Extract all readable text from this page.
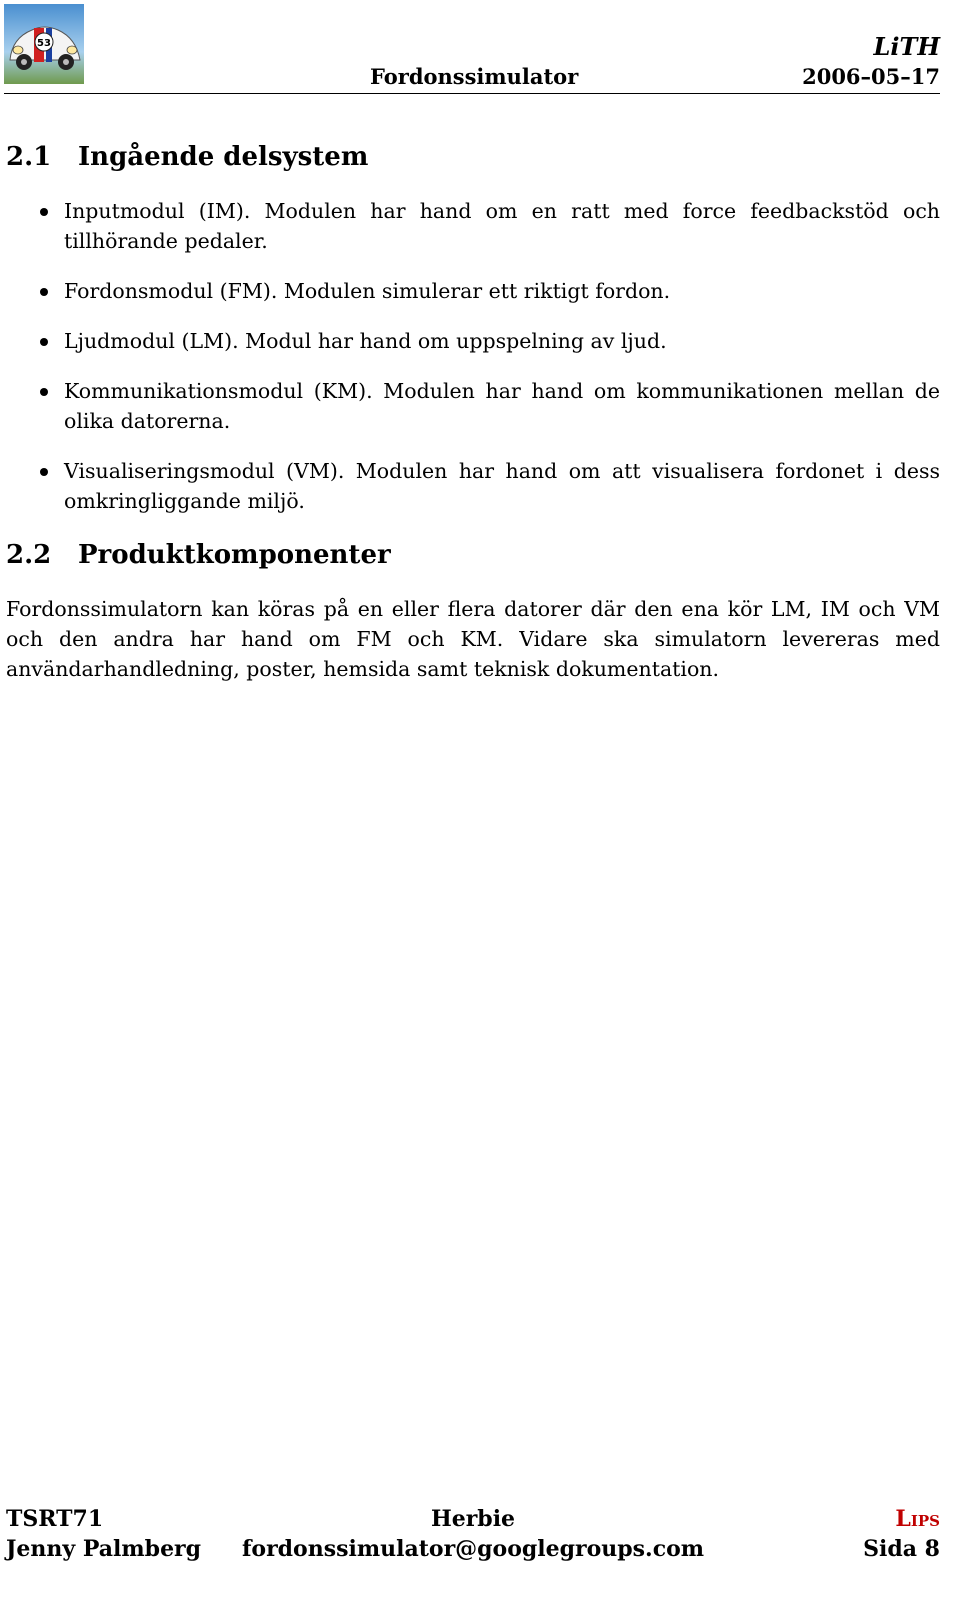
53	LiTH
Fordonssimulator	2006–05–17
2.1 Ingående delsystem
Inputmodul (IM). Modulen har hand om en ratt med force feedbackstöd och tillhörande pedaler.
Fordonsmodul (FM). Modulen simulerar ett riktigt fordon.
Ljudmodul (LM). Modul har hand om uppspelning av ljud.
Kommunikationsmodul (KM). Modulen har hand om kommunikationen mellan de olika datorerna.
Visualiseringsmodul (VM). Modulen har hand om att visualisera fordonet i dess omkringliggande miljö.
2.2 Produktkomponenter

Fordonssimulatorn kan köras på en eller flera datorer där den ena kör LM, IM och VM och den andra har hand om FM och KM. Vidare ska simulatorn levereras med användarhandledning, poster, hemsida samt teknisk dokumentation.

TSRT71	Herbie	Lips
Jenny Palmberg	fordonssimulator@googlegroups.com	Sida 8
